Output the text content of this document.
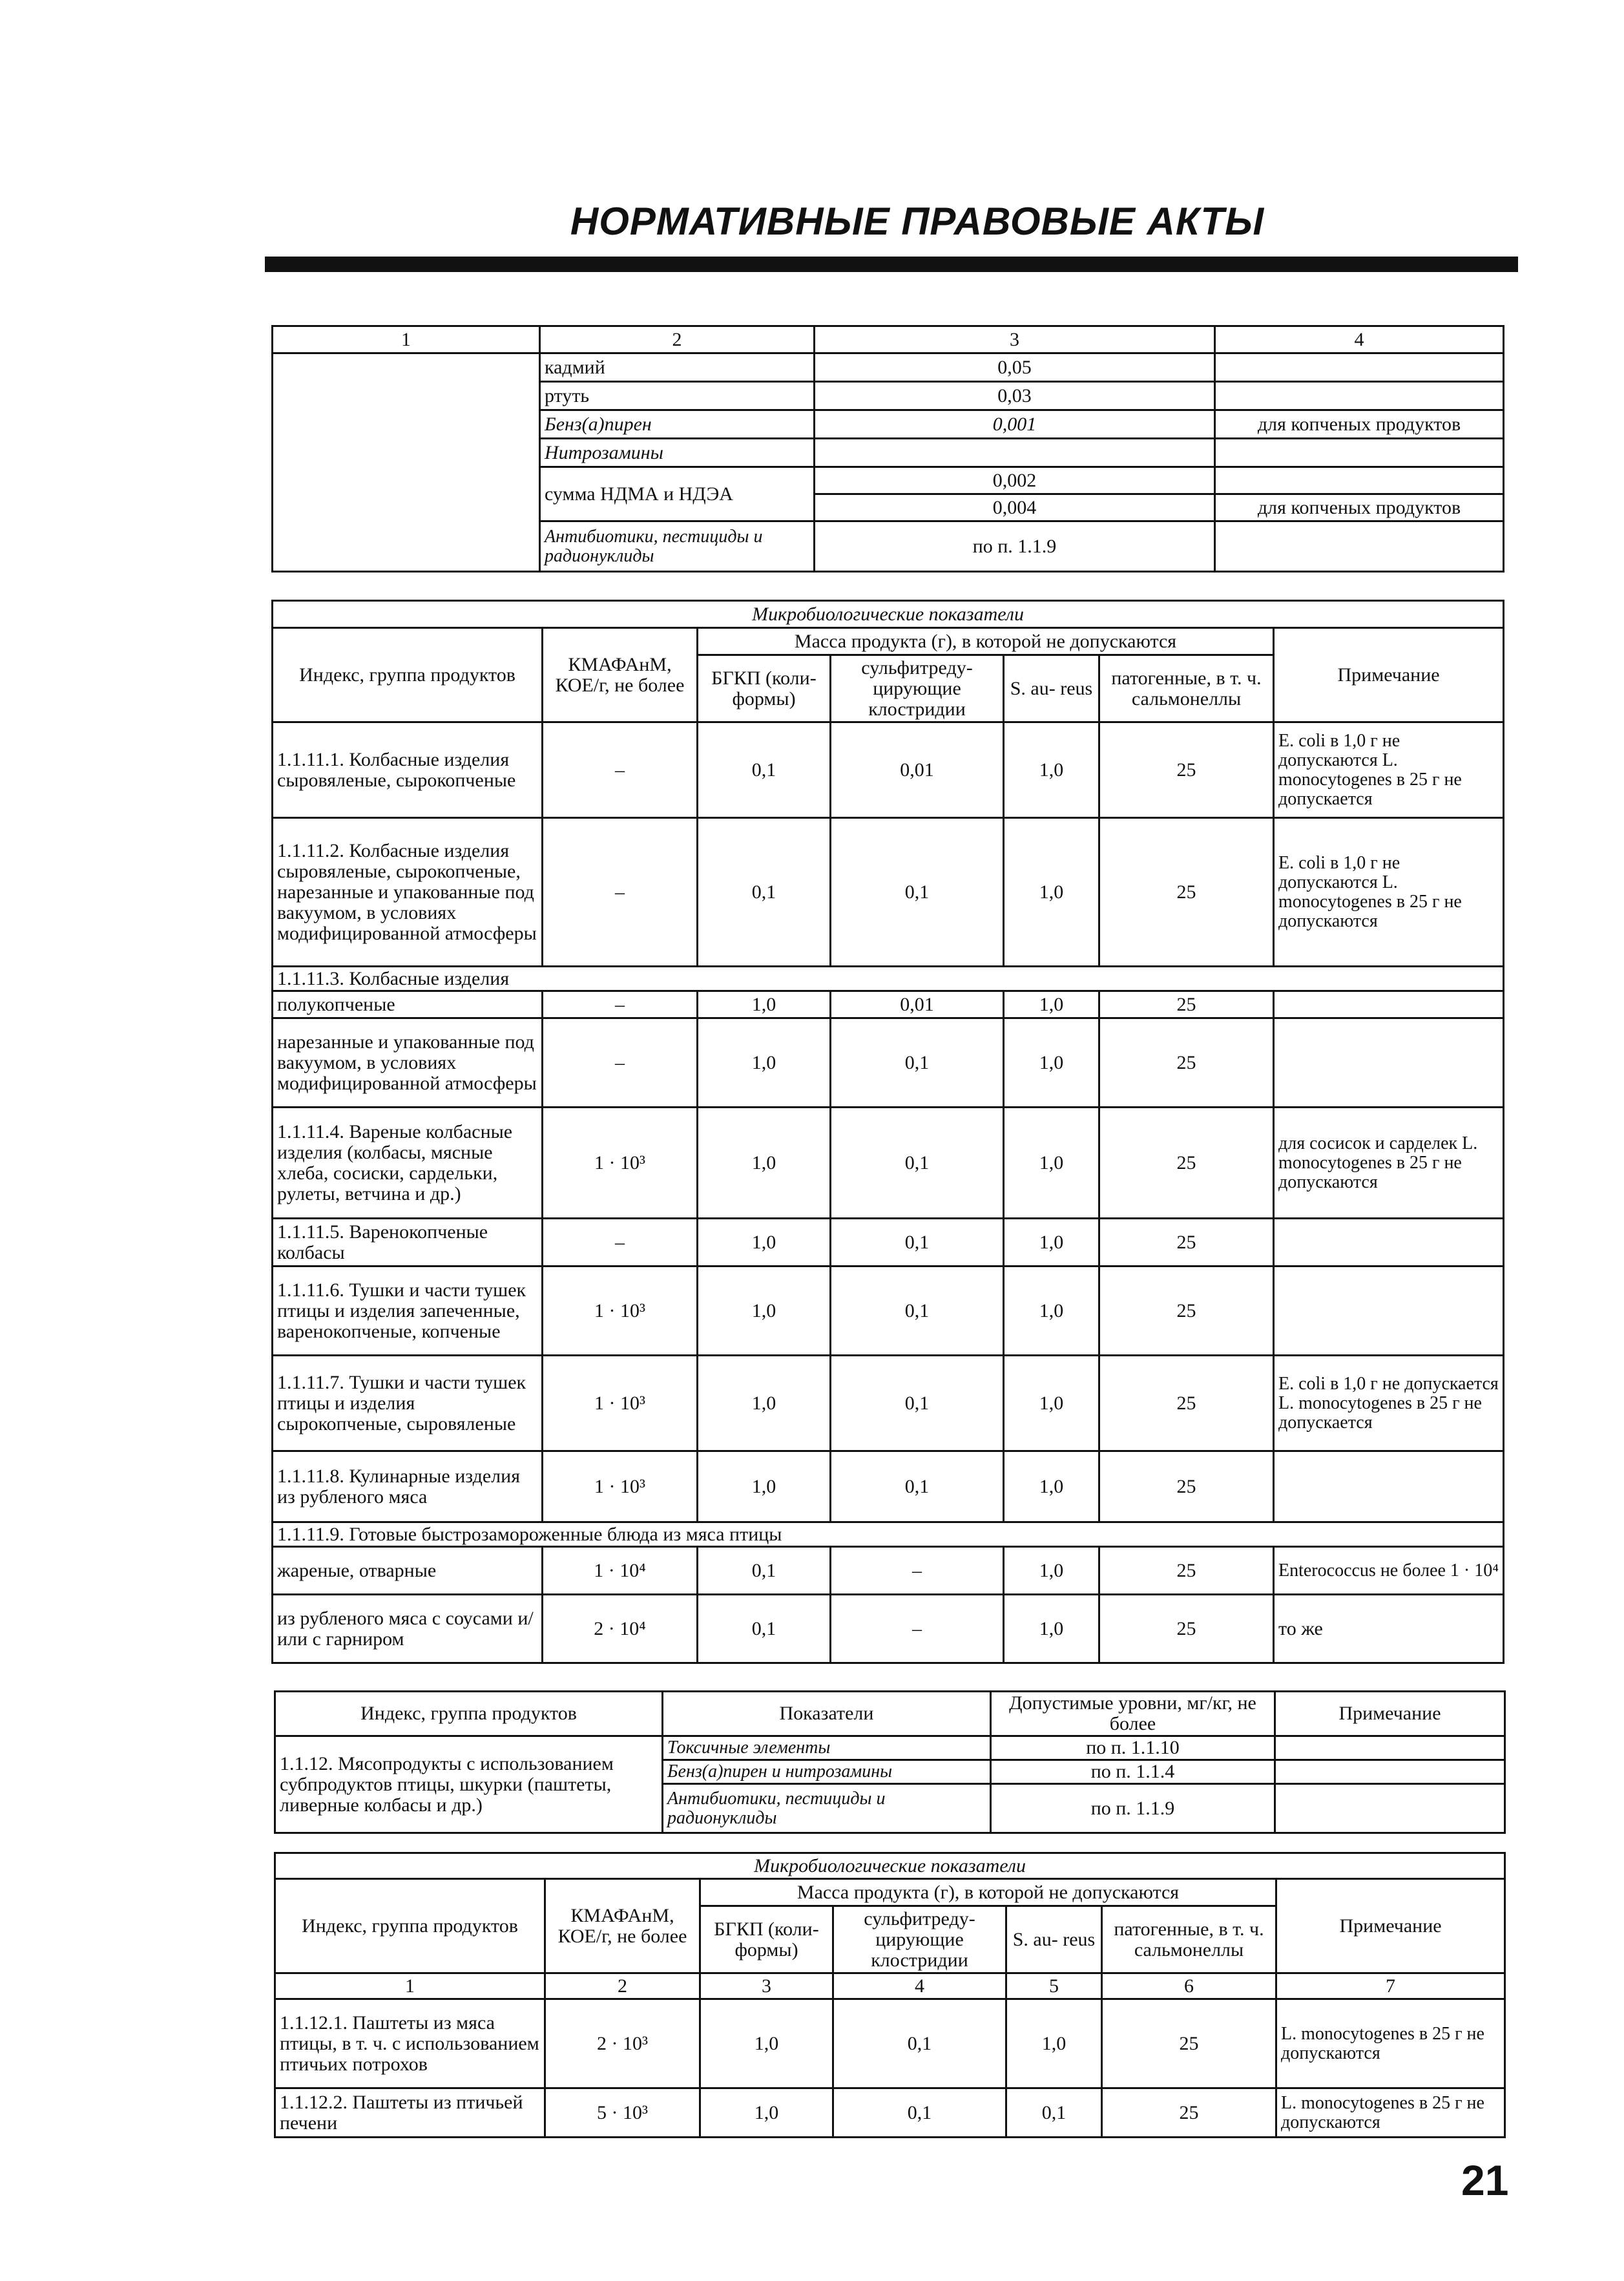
НОРМАТИВНЫЕ ПРАВОВЫЕ АКТЫ
1	2	3	4
	кадмий	0,05	
	ртуть	0,03	
	Бенз(а)пирен	0,001	для копченых продуктов
	Нитрозамины		
	сумма НДМА и НДЭА	0,002	
		0,004	для копченых продуктов
	Антибиотики, пестициды и радионуклиды	по п. 1.1.9	
Микробиологические показатели						
Индекс, группа продуктов	КМАФАнМ, КОЕ/г, не более	Масса продукта (г), в которой не допускаются				Примечание
		БГКП (коли- формы)	сульфитреду- цирующие клостридии	S. au- reus	патогенные, в т. ч. сальмонеллы	
1.1.11.1. Колбасные изделия сыровяленые, сырокопченые	–	0,1	0,01	1,0	25	E. coli в 1,0 г не допускаются L. monocytogenes в 25 г не допускается
1.1.11.2. Колбасные изделия сыровяленые, сырокопченые, нарезанные и упакованные под вакуумом, в условиях модифицированной атмосферы	–	0,1	0,1	1,0	25	E. coli в 1,0 г не допускаются L. monocytogenes в 25 г не допускаются
1.1.11.3. Колбасные изделия						
полукопченые	–	1,0	0,01	1,0	25	
нарезанные и упакованные под вакуумом, в условиях модифицированной атмосферы	–	1,0	0,1	1,0	25	
1.1.11.4. Вареные колбасные изделия (колбасы, мясные хлеба, сосиски, сардельки, рулеты, ветчина и др.)	1 · 10³	1,0	0,1	1,0	25	для сосисок и сарделек L. monocytogenes в 25 г не допускаются
1.1.11.5. Варенокопченые колбасы	–	1,0	0,1	1,0	25	
1.1.11.6. Тушки и части тушек птицы и изделия запеченные, варенокопченые, копченые	1 · 10³	1,0	0,1	1,0	25	
1.1.11.7. Тушки и части тушек птицы и изделия сырокопченые, сыровяленые	1 · 10³	1,0	0,1	1,0	25	E. coli в 1,0 г не допускается L. monocytogenes в 25 г не допускается
1.1.11.8. Кулинарные изделия из рубленого мяса	1 · 10³	1,0	0,1	1,0	25	
1.1.11.9. Готовые быстрозамороженные блюда из мяса птицы						
жареные, отварные	1 · 10⁴	0,1	–	1,0	25	Enterococcus не более 1 · 10⁴
из рубленого мяса с соусами и/или с гарниром	2 · 10⁴	0,1	–	1,0	25	то же
Индекс, группа продуктов	Показатели	Допустимые уровни, мг/кг, не более	Примечание
1.1.12. Мясопродукты с использованием субпродуктов птицы, шкурки (паштеты, ливерные колбасы и др.)	Токсичные элементы	по п. 1.1.10	
	Бенз(а)пирен и нитрозамины	по п. 1.1.4	
	Антибиотики, пестициды и радионуклиды	по п. 1.1.9	
Микробиологические показатели						
Индекс, группа продуктов	КМАФАнМ, КОЕ/г, не более	Масса продукта (г), в которой не допускаются				Примечание
		БГКП (коли- формы)	сульфитреду- цирующие клостридии	S. au- reus	патогенные, в т. ч. сальмонеллы	
1	2	3	4	5	6	7
1.1.12.1. Паштеты из мяса птицы, в т. ч. с использованием птичьих потрохов	2 · 10³	1,0	0,1	1,0	25	L. monocytogenes в 25 г не допускаются
1.1.12.2. Паштеты из птичьей печени	5 · 10³	1,0	0,1	0,1	25	L. monocytogenes в 25 г не допускаются
21
